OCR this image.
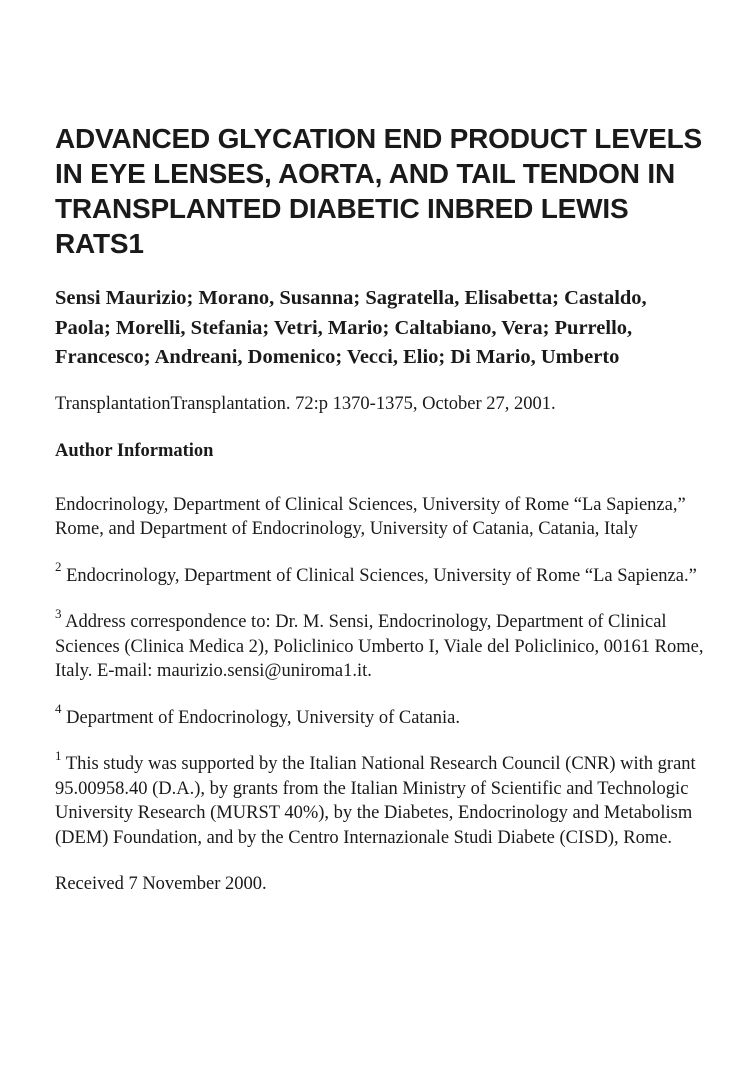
ADVANCED GLYCATION END PRODUCT LEVELS IN EYE LENSES, AORTA, AND TAIL TENDON IN TRANSPLANTED DIABETIC INBRED LEWIS RATS1

Sensi Maurizio; Morano, Susanna; Sagratella, Elisabetta; Castaldo, Paola; Morelli, Stefania; Vetri, Mario; Caltabiano, Vera; Purrello, Francesco; Andreani, Domenico; Vecci, Elio; Di Mario, Umberto

TransplantationTransplantation. 72:p 1370-1375, October 27, 2001.

Author Information

Endocrinology, Department of Clinical Sciences, University of Rome “La Sapienza,” Rome, and Department of Endocrinology, University of Catania, Catania, Italy

$^2$ Endocrinology, Department of Clinical Sciences, University of Rome “La Sapienza.”

$^3$ Address correspondence to: Dr. M. Sensi, Endocrinology, Department of Clinical Sciences (Clinica Medica 2), Policlinico Umberto I, Viale del Policlinico, 00161 Rome, Italy. E-mail: maurizio.sensi@uniroma1.it.

$^4$ Department of Endocrinology, University of Catania.

$^1$ This study was supported by the Italian National Research Council (CNR) with grant 95.00958.40 (D.A.), by grants from the Italian Ministry of Scientific and Technologic University Research (MURST 40%), by the Diabetes, Endocrinology and Metabolism (DEM) Foundation, and by the Centro Internazionale Studi Diabete (CISD), Rome.

Received 7 November 2000.
